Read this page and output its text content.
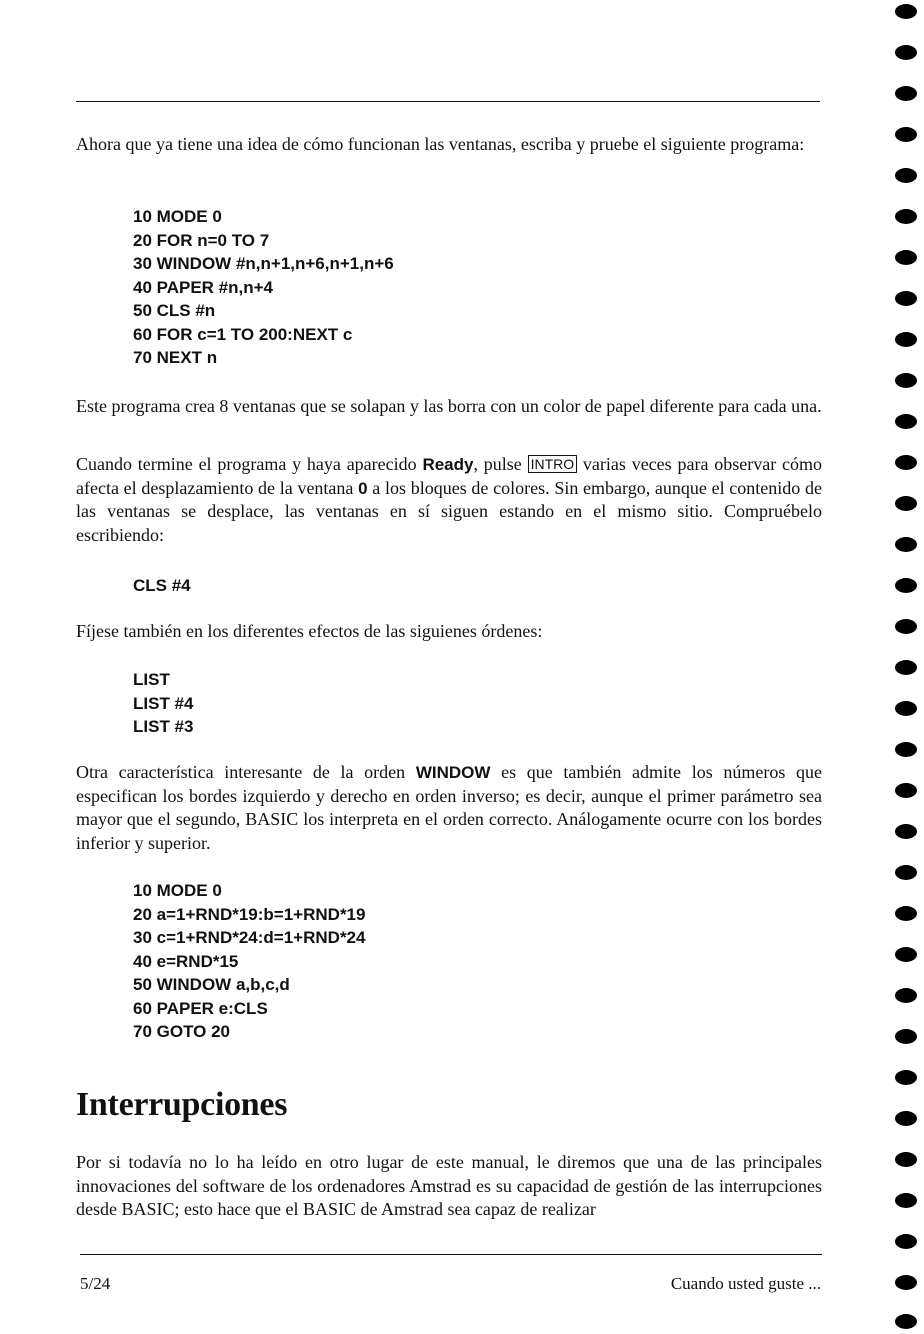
Ahora que ya tiene una idea de cómo funcionan las ventanas, escriba y pruebe el siguiente programa:

10 MODE 0
20 FOR n=0 TO 7
30 WINDOW #n,n+1,n+6,n+1,n+6
40 PAPER #n,n+4
50 CLS #n
60 FOR c=1 TO 200:NEXT c
70 NEXT n

Este programa crea 8 ventanas que se solapan y las borra con un color de papel diferente para cada una.

Cuando termine el programa y haya aparecido Ready, pulse INTRO varias veces para observar cómo afecta el desplazamiento de la ventana 0 a los bloques de colores. Sin embargo, aunque el contenido de las ventanas se desplace, las ventanas en sí siguen estando en el mismo sitio. Compruébelo escribiendo:

CLS #4

Fíjese también en los diferentes efectos de las siguienes órdenes:

LIST
LIST #4
LIST #3

Otra característica interesante de la orden WINDOW es que también admite los números que especifican los bordes izquierdo y derecho en orden inverso; es decir, aunque el primer parámetro sea mayor que el segundo, BASIC los interpreta en el orden correcto. Análogamente ocurre con los bordes inferior y superior.

10 MODE 0
20 a=1+RND*19:b=1+RND*19
30 c=1+RND*24:d=1+RND*24
40 e=RND*15
50 WINDOW a,b,c,d
60 PAPER e:CLS
70 GOTO 20
Interrupciones

Por si todavía no lo ha leído en otro lugar de este manual, le diremos que una de las principales innovaciones del software de los ordenadores Amstrad es su capacidad de gestión de las interrupciones desde BASIC; esto hace que el BASIC de Amstrad sea capaz de realizar

5/24	Cuando usted guste ...
